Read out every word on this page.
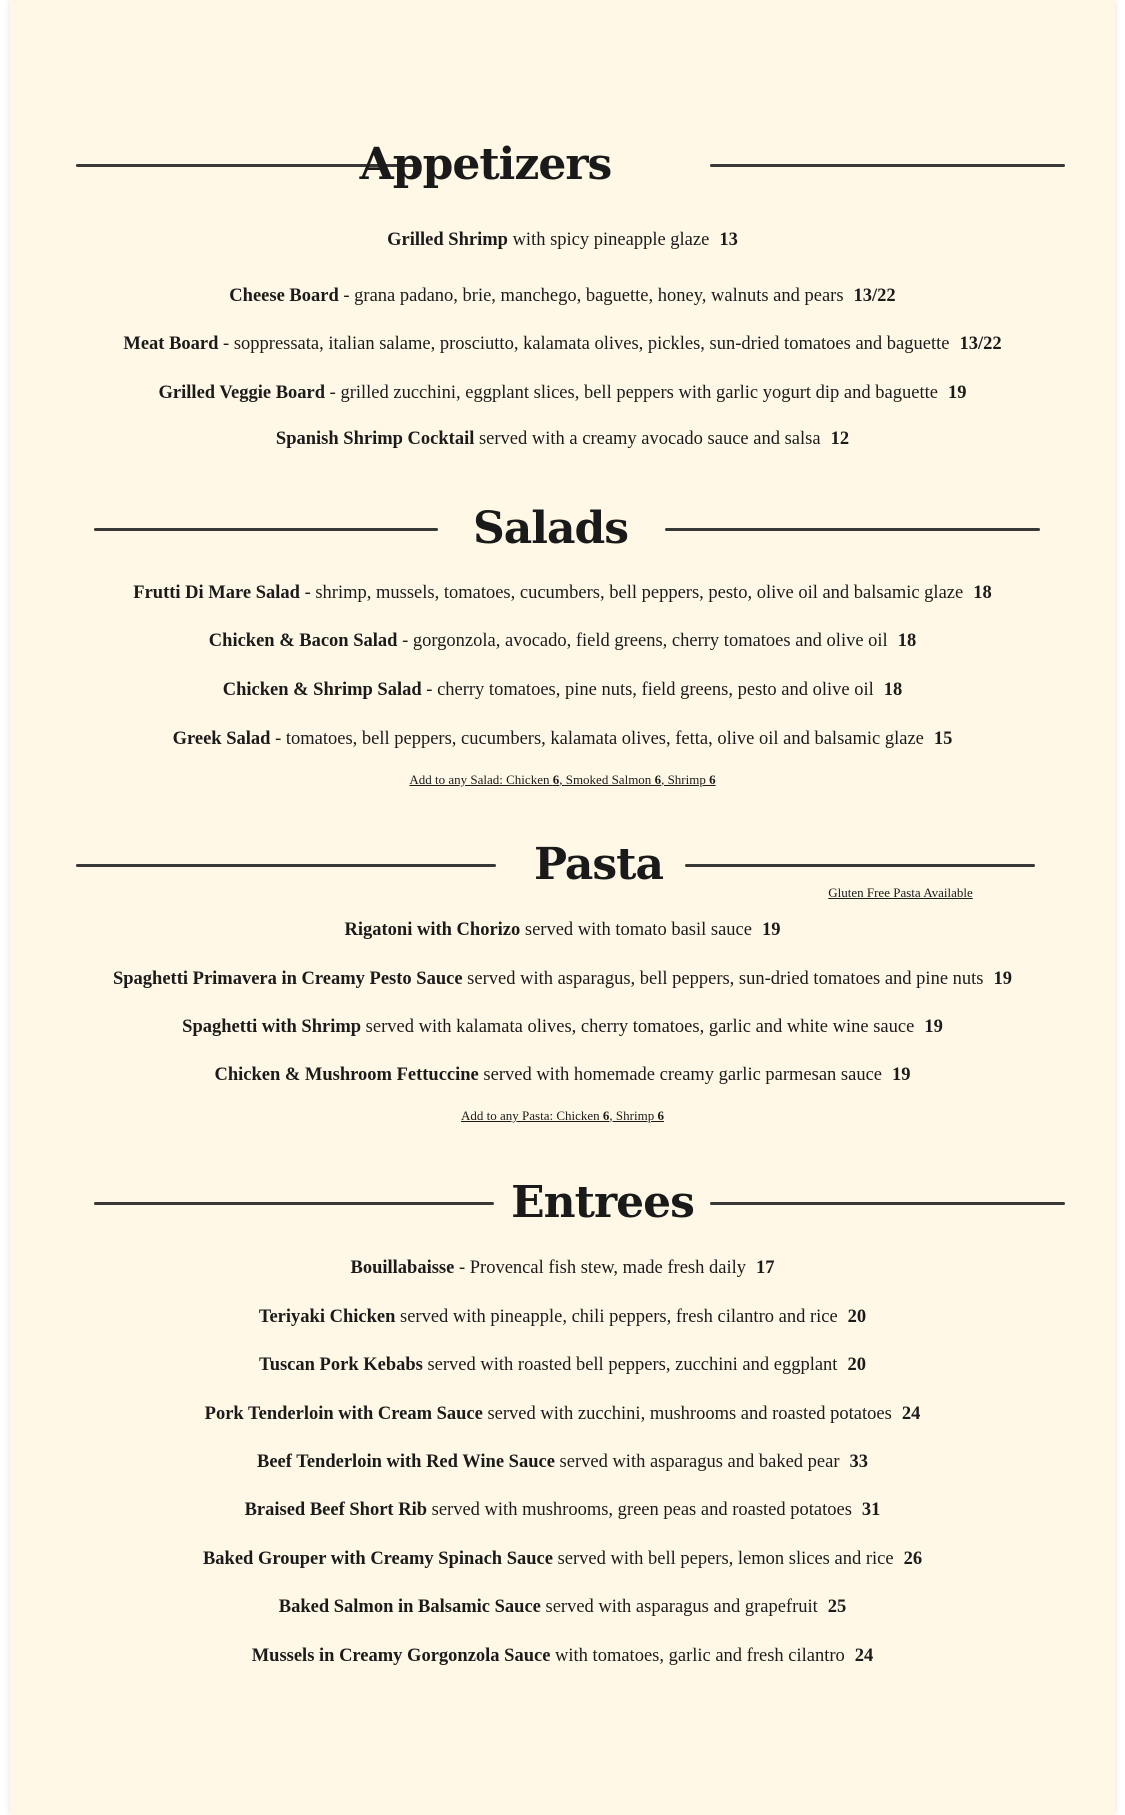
Appetizers
Grilled Shrimp with spicy pineapple glaze 13
Cheese Board - grana padano, brie, manchego, baguette, honey, walnuts and pears 13/22
Meat Board - soppressata, italian salame, prosciutto, kalamata olives, pickles, sun-dried tomatoes and baguette 13/22
Grilled Veggie Board - grilled zucchini, eggplant slices, bell peppers with garlic yogurt dip and baguette 19
Spanish Shrimp Cocktail served with a creamy avocado sauce and salsa 12
Salads
Frutti Di Mare Salad - shrimp, mussels, tomatoes, cucumbers, bell peppers, pesto, olive oil and balsamic glaze 18
Chicken & Bacon Salad - gorgonzola, avocado, field greens, cherry tomatoes and olive oil 18
Chicken & Shrimp Salad - cherry tomatoes, pine nuts, field greens, pesto and olive oil 18
Greek Salad - tomatoes, bell peppers, cucumbers, kalamata olives, fetta, olive oil and balsamic glaze 15
Add to any Salad: Chicken 6, Smoked Salmon 6, Shrimp 6
Pasta
Gluten Free Pasta Available
Rigatoni with Chorizo served with tomato basil sauce 19
Spaghetti Primavera in Creamy Pesto Sauce served with asparagus, bell peppers, sun-dried tomatoes and pine nuts 19
Spaghetti with Shrimp served with kalamata olives, cherry tomatoes, garlic and white wine sauce 19
Chicken & Mushroom Fettuccine served with homemade creamy garlic parmesan sauce 19
Add to any Pasta: Chicken 6, Shrimp 6
Entrees
Bouillabaisse - Provencal fish stew, made fresh daily 17
Teriyaki Chicken served with pineapple, chili peppers, fresh cilantro and rice 20
Tuscan Pork Kebabs served with roasted bell peppers, zucchini and eggplant 20
Pork Tenderloin with Cream Sauce served with zucchini, mushrooms and roasted potatoes 24
Beef Tenderloin with Red Wine Sauce served with asparagus and baked pear 33
Braised Beef Short Rib served with mushrooms, green peas and roasted potatoes 31
Baked Grouper with Creamy Spinach Sauce served with bell pepers, lemon slices and rice 26
Baked Salmon in Balsamic Sauce served with asparagus and grapefruit 25
Mussels in Creamy Gorgonzola Sauce with tomatoes, garlic and fresh cilantro 24
